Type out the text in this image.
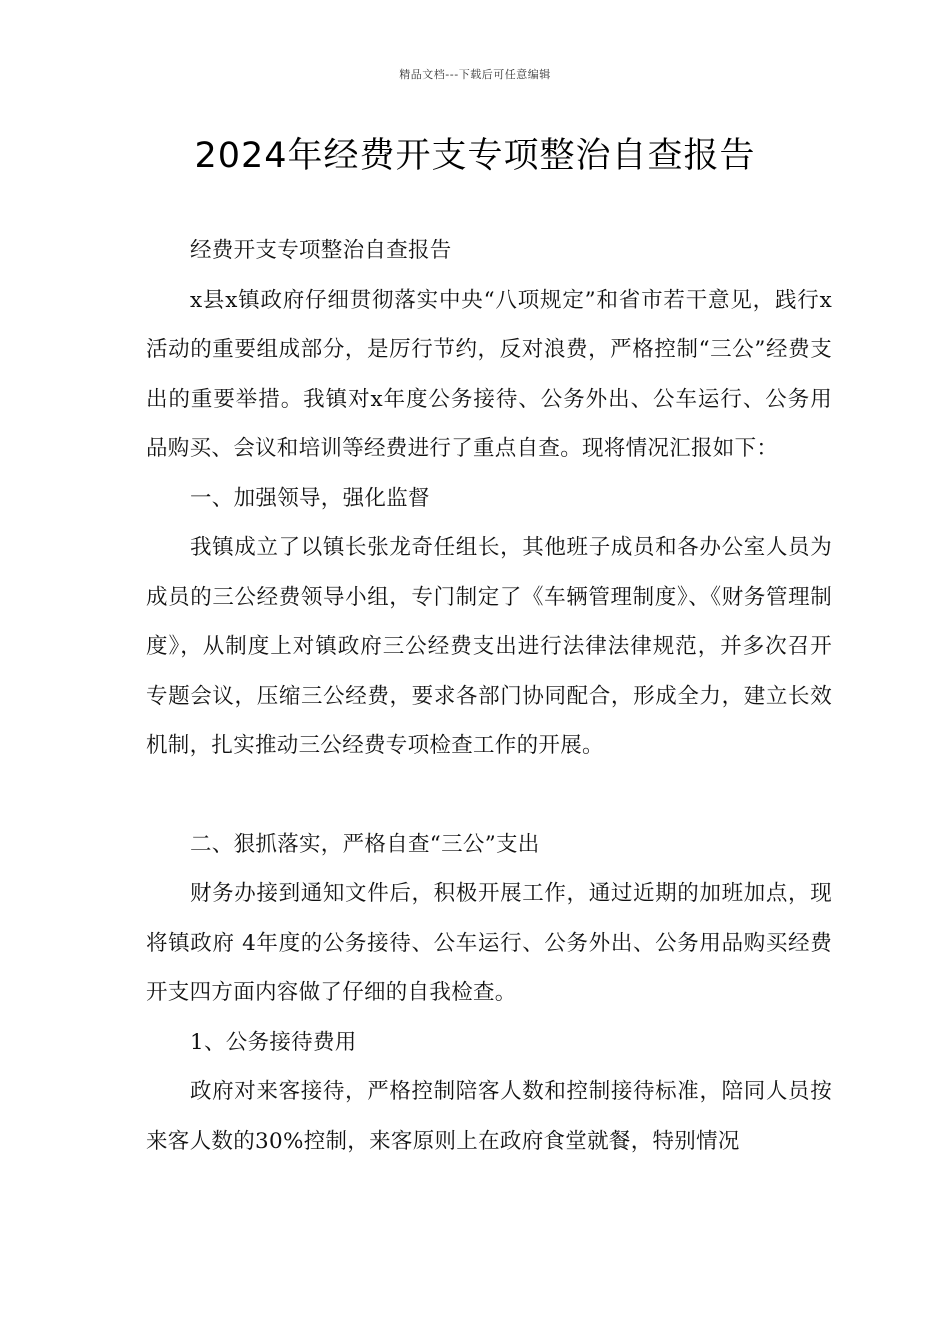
精品文档---下载后可任意编辑
2024年经费开支专项整治自查报告

经费开支专项整治自查报告

x县x镇政府仔细贯彻落实中央“八项规定”和省市若干意见，践行x活动的重要组成部分，是厉行节约，反对浪费，严格控制“三公”经费支出的重要举措。我镇对x年度公务接待、公务外出、公车运行、公务用品购买、会议和培训等经费进行了重点自查。现将情况汇报如下：

一、加强领导，强化监督

我镇成立了以镇长张龙奇任组长，其他班子成员和各办公室人员为成员的三公经费领导小组，专门制定了《车辆管理制度》、《财务管理制度》，从制度上对镇政府三公经费支出进行法律法律规范，并多次召开专题会议，压缩三公经费，要求各部门协同配合，形成全力，建立长效机制，扎实推动三公经费专项检查工作的开展。

二、狠抓落实，严格自查“三公”支出

财务办接到通知文件后，积极开展工作，通过近期的加班加点，现将镇政府 4年度的公务接待、公车运行、公务外出、公务用品购买经费开支四方面内容做了仔细的自我检查。

1、公务接待费用

政府对来客接待，严格控制陪客人数和控制接待标准，陪同人员按来客人数的30%控制，来客原则上在政府食堂就餐，特别情况
